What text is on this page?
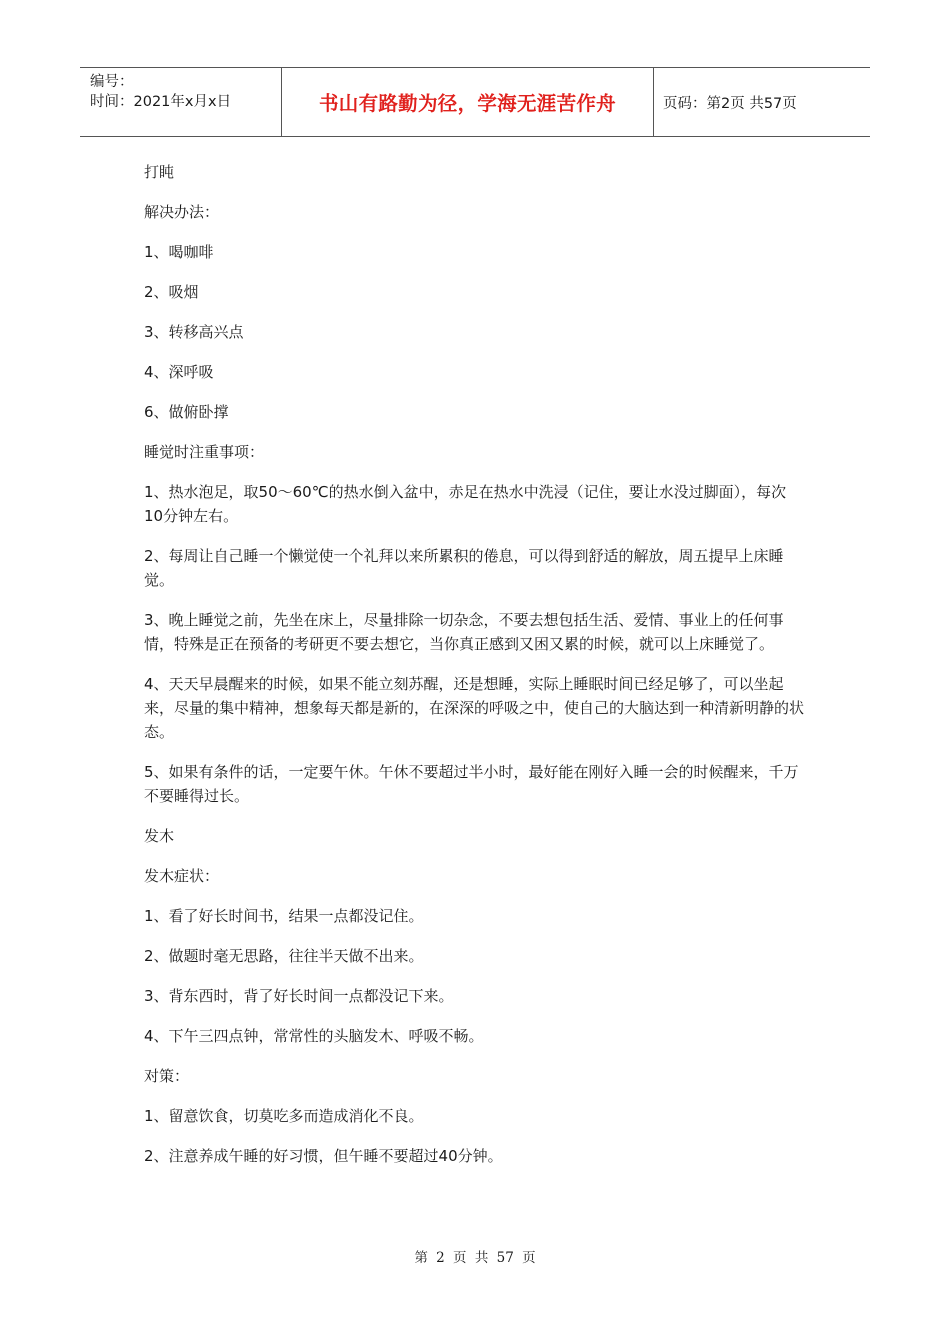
编号：
时间：2021年x月x日	书山有路勤为径，学海无涯苦作舟	页码：第2页 共57页

打盹

解决办法：

1、喝咖啡

2、吸烟

3、转移高兴点

4、深呼吸

6、做俯卧撑

睡觉时注重事项：

1、热水泡足，取50～60℃的热水倒入盆中，赤足在热水中洗浸（记住，要让水没过脚面），每次10分钟左右。

2、每周让自己睡一个懒觉使一个礼拜以来所累积的倦息，可以得到舒适的解放，周五提早上床睡觉。

3、晚上睡觉之前，先坐在床上，尽量排除一切杂念，不要去想包括生活、爱情、事业上的任何事情，特殊是正在预备的考研更不要去想它，当你真正感到又困又累的时候，就可以上床睡觉了。

4、天天早晨醒来的时候，如果不能立刻苏醒，还是想睡，实际上睡眠时间已经足够了，可以坐起来，尽量的集中精神，想象每天都是新的，在深深的呼吸之中，使自己的大脑达到一种清新明静的状态。

5、如果有条件的话，一定要午休。午休不要超过半小时，最好能在刚好入睡一会的时候醒来，千万不要睡得过长。

发木

发木症状：

1、看了好长时间书，结果一点都没记住。

2、做题时毫无思路，往往半天做不出来。

3、背东西时，背了好长时间一点都没记下来。

4、下午三四点钟，常常性的头脑发木、呼吸不畅。

对策：

1、留意饮食，切莫吃多而造成消化不良。

2、注意养成午睡的好习惯，但午睡不要超过40分钟。

第 2 页 共 57 页
